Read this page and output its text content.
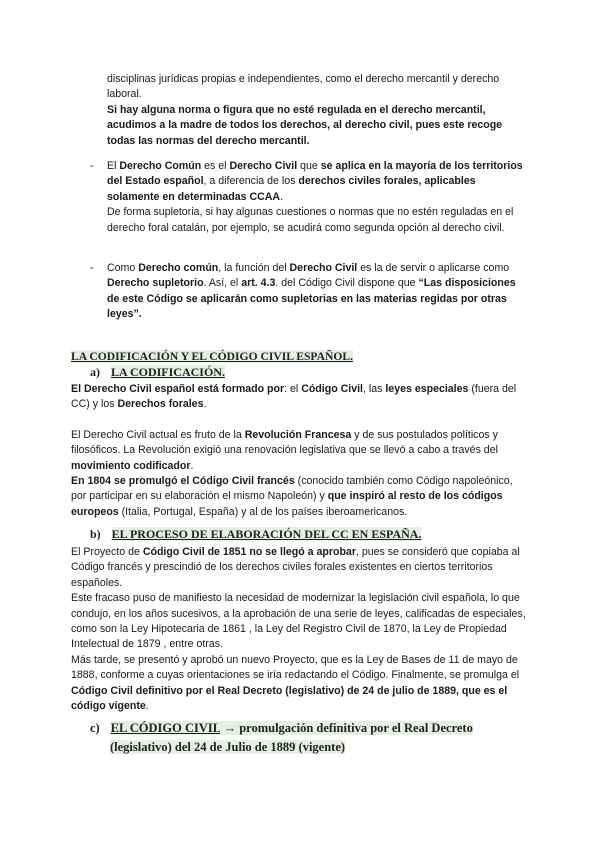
disciplinas jurídicas propias e independientes, como el derecho mercantil y derecho

laboral.

Si hay alguna norma o figura que no esté regulada en el derecho mercantil, acudimos a la madre de todos los derechos, al derecho civil, pues este recoge todas las normas del derecho mercantil.

- El Derecho Común es el Derecho Civil que se aplica en la mayoría de los territorios del Estado español, a diferencia de los derechos civiles forales, aplicables solamente en determinadas CCAA.

De forma supletoria, si hay algunas cuestiones o normas que no estén reguladas en el derecho foral catalán, por ejemplo, se acudirá como segunda opción al derecho civil.

- Como Derecho común, la función del Derecho Civil es la de servir o aplicarse como Derecho supletorio. Así, el art. 4.3. del Código Civil dispone que “Las disposiciones de este Código se aplicarán como supletorias en las materias regidas por otras leyes”.

LA CODIFICACIÓN Y EL CÓDIGO CIVIL ESPAÑOL.
a) LA CODIFICACIÓN.

El Derecho Civil español está formado por: el Código Civil, las leyes especiales (fuera del CC) y los Derechos forales.

El Derecho Civil actual es fruto de la Revolución Francesa y de sus postulados políticos y filosóficos. La Revolución exigió una renovación legislativa que se llevó a cabo a través del movimiento codificador.

En 1804 se promulgó el Código Civil francés (conocido también como Código napoleónico, por participar en su elaboración el mismo Napoleón) y que inspiró al resto de los códigos europeos (Italia, Portugal, España) y al de los países iberoamericanos.

b) EL PROCESO DE ELABORACIÓN DEL CC EN ESPAÑA.

El Proyecto de Código Civil de 1851 no se llegó a aprobar, pues se consideró que copiaba al Código francés y prescindió de los derechos civiles forales existentes en ciertos territorios españoles.

Este fracaso puso de manifiesto la necesidad de modernizar la legislación civil española, lo que condujo, en los años sucesivos, a la aprobación de una serie de leyes, calificadas de especiales, como son la Ley Hipotecaria de 1861 , la Ley del Registro Civil de 1870, la Ley de Propiedad Intelectual de 1879 , entre otras.

Más tarde, se presentó y aprobó un nuevo Proyecto, que es la Ley de Bases de 11 de mayo de 1888, conforme a cuyas orientaciones se iría redactando el Código. Finalmente, se promulga el Código Civil definitivo por el Real Decreto (legislativo) de 24 de julio de 1889, que es el código vigente.

c) EL CÓDIGO CIVIL → promulgación definitiva por el Real Decreto
(legislativo) del 24 de Julio de 1889 (vigente)
